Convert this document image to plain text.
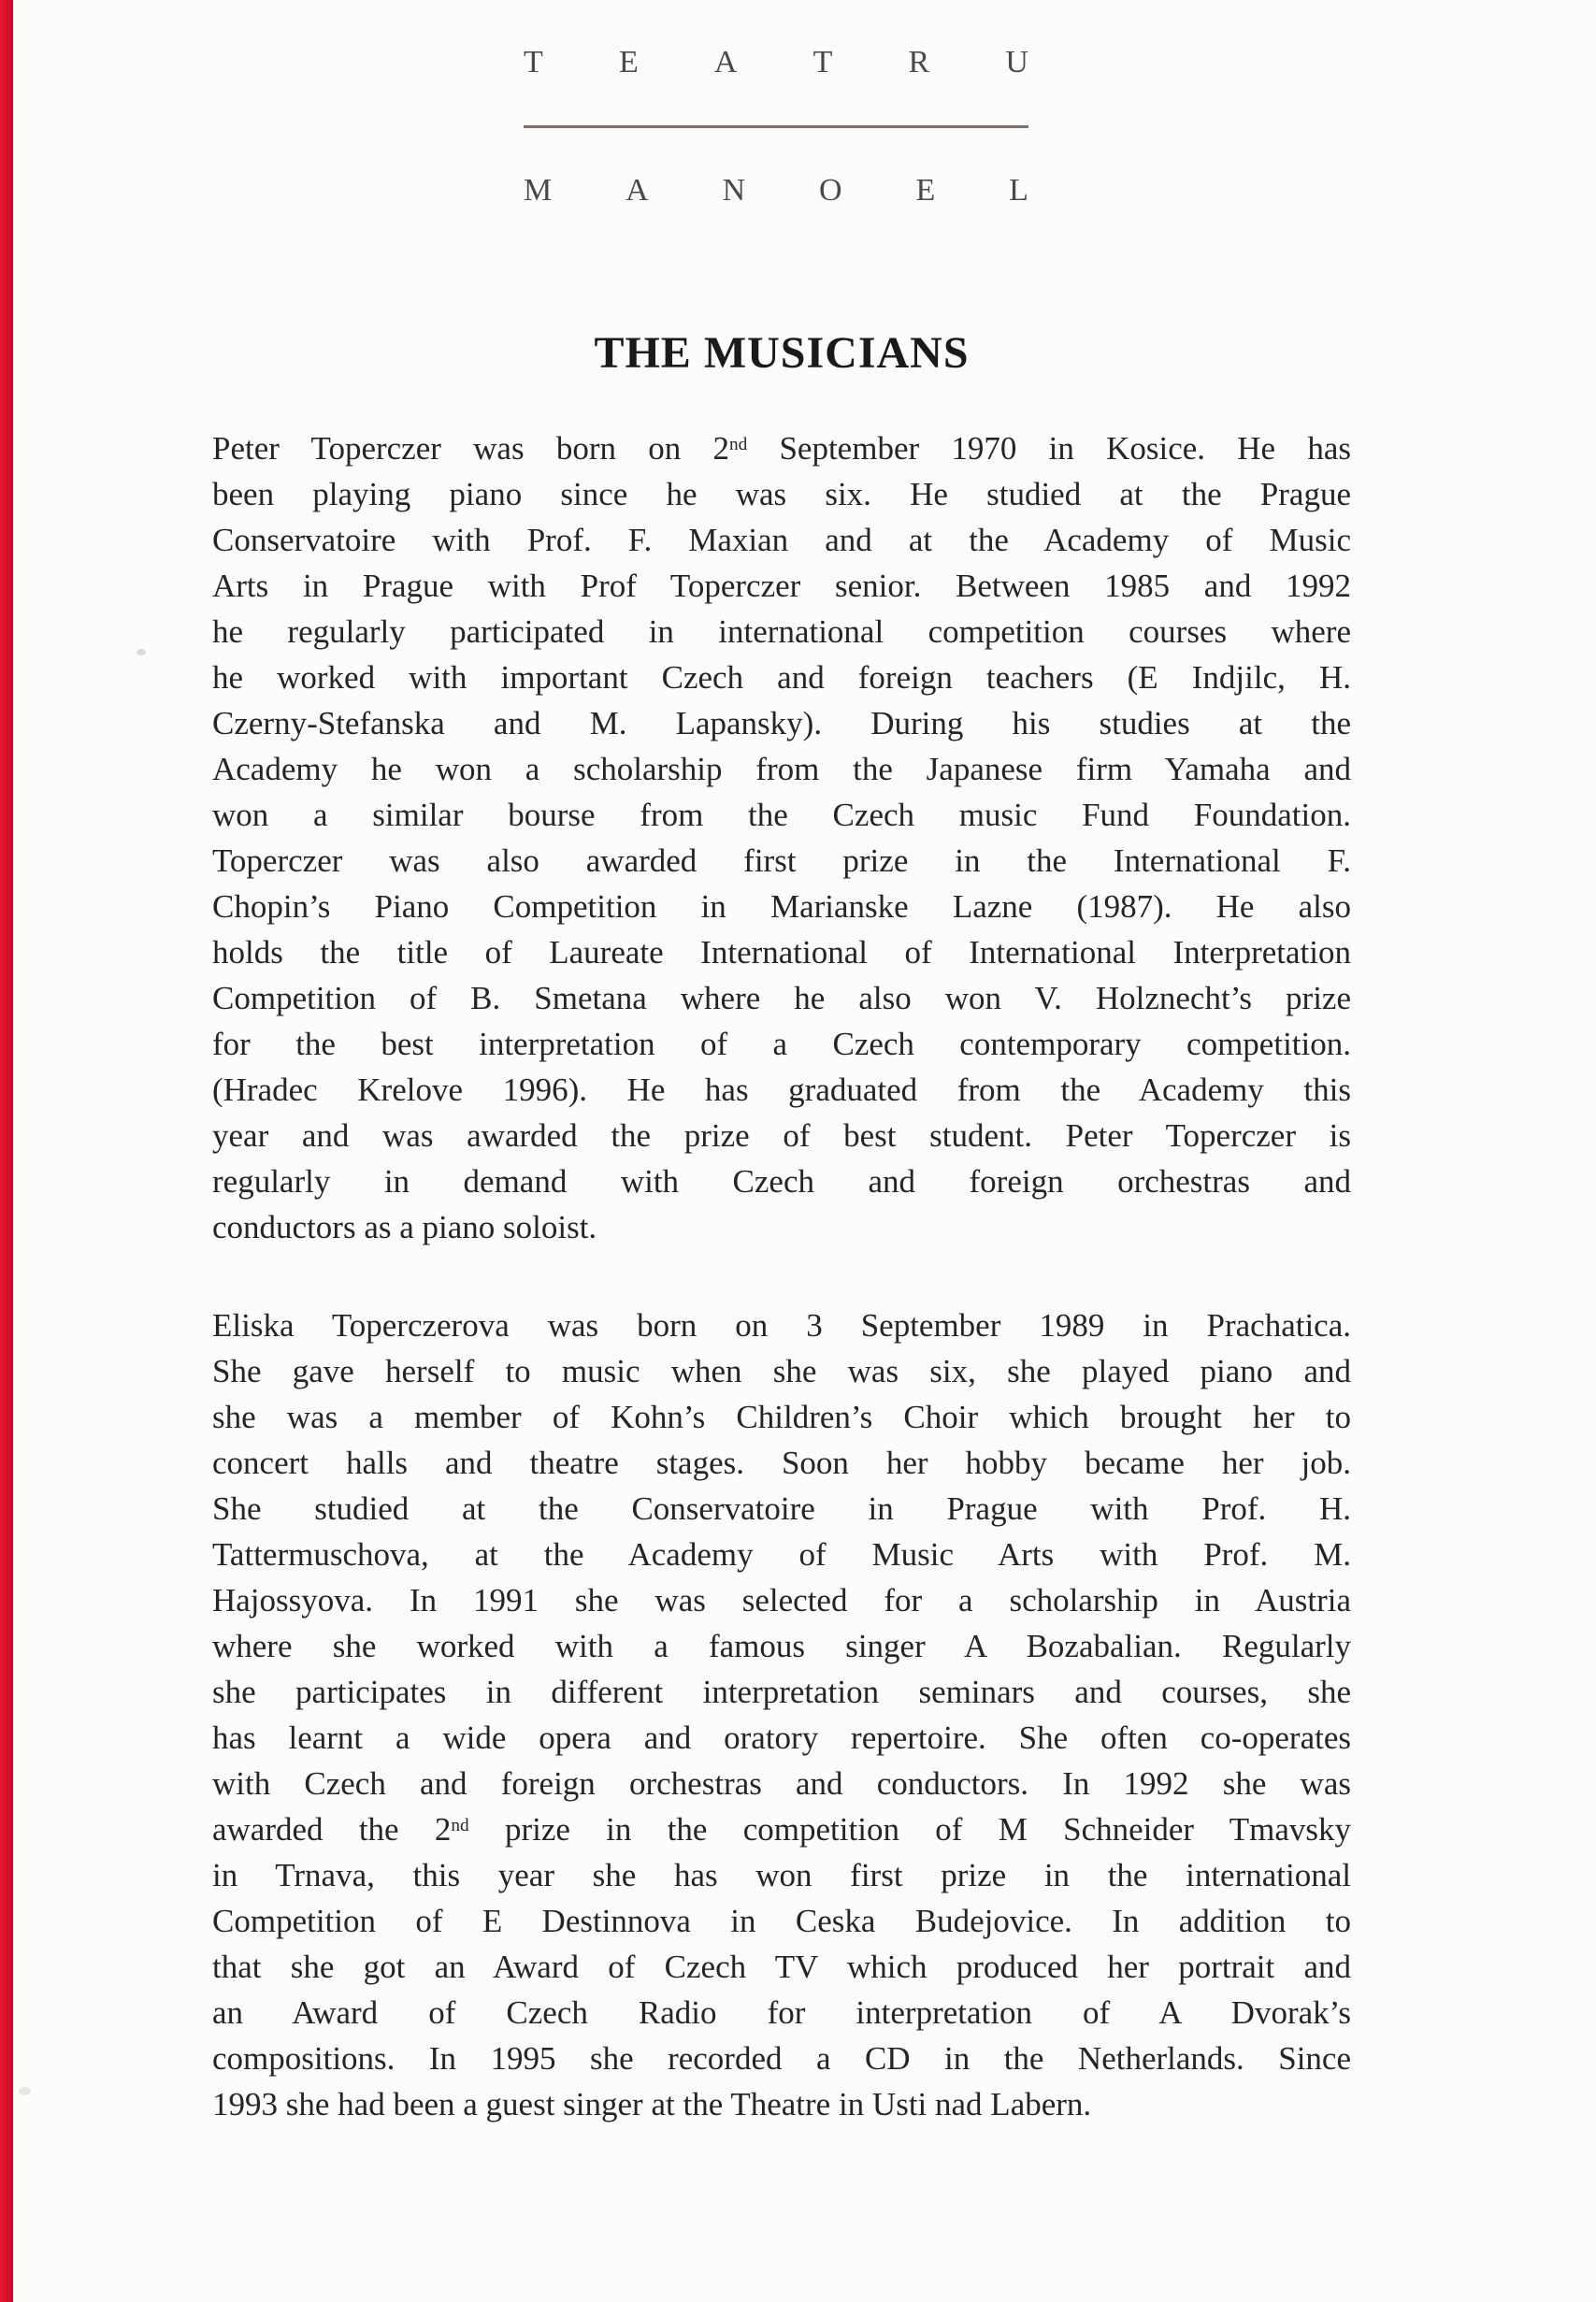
T E A T R U
M A N O E L
THE MUSICIANS
Peter Toperczer was born on 2nd September 1970 in Kosice. He has
been playing piano since he was six. He studied at the Prague
Conservatoire with Prof. F. Maxian and at the Academy of Music
Arts in Prague with Prof Toperczer senior. Between 1985 and 1992
he regularly participated in international competition courses where
he worked with important Czech and foreign teachers (E Indjilc, H.
Czerny-Stefanska and M. Lapansky). During his studies at the
Academy he won a scholarship from the Japanese firm Yamaha and
won a similar bourse from the Czech music Fund Foundation.
Toperczer was also awarded first prize in the International F.
Chopin’s Piano Competition in Marianske Lazne (1987). He also
holds the title of Laureate International of International Interpretation
Competition of B. Smetana where he also won V. Holznecht’s prize
for the best interpretation of a Czech contemporary competition.
(Hradec Krelove 1996). He has graduated from the Academy this
year and was awarded the prize of best student. Peter Toperczer is
regularly in demand with Czech and foreign orchestras and
conductors as a piano soloist.
Eliska Toperczerova was born on 3 September 1989 in Prachatica.
She gave herself to music when she was six, she played piano and
she was a member of Kohn’s Children’s Choir which brought her to
concert halls and theatre stages. Soon her hobby became her job.
She studied at the Conservatoire in Prague with Prof. H.
Tattermuschova, at the Academy of Music Arts with Prof. M.
Hajossyova. In 1991 she was selected for a scholarship in Austria
where she worked with a famous singer A Bozabalian. Regularly
she participates in different interpretation seminars and courses, she
has learnt a wide opera and oratory repertoire. She often co-operates
with Czech and foreign orchestras and conductors. In 1992 she was
awarded the 2nd prize in the competition of M Schneider Tmavsky
in Trnava, this year she has won first prize in the international
Competition of E Destinnova in Ceska Budejovice. In addition to
that she got an Award of Czech TV which produced her portrait and
an Award of Czech Radio for interpretation of A Dvorak’s
compositions. In 1995 she recorded a CD in the Netherlands. Since
1993 she had been a guest singer at the Theatre in Usti nad Labern.
